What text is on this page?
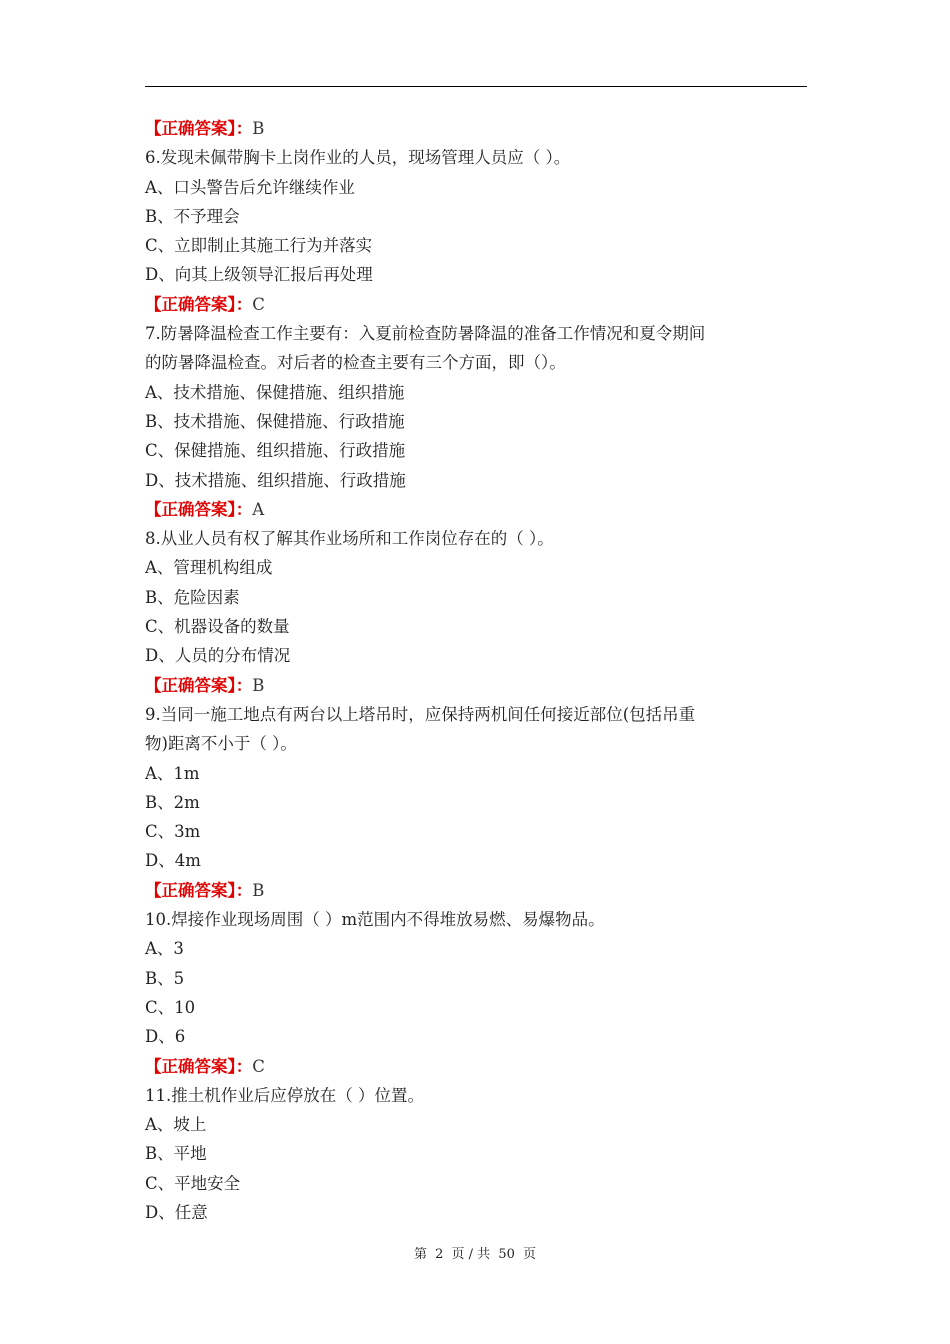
【正确答案】：B
6.发现未佩带胸卡上岗作业的人员，现场管理人员应（ ）。
A、口头警告后允许继续作业
B、不予理会
C、立即制止其施工行为并落实
D、向其上级领导汇报后再处理
【正确答案】：C
7.防暑降温检查工作主要有：入夏前检查防暑降温的准备工作情况和夏令期间
的防暑降温检查。对后者的检查主要有三个方面，即（）。
A、技术措施、保健措施、组织措施
B、技术措施、保健措施、行政措施
C、保健措施、组织措施、行政措施
D、技术措施、组织措施、行政措施
【正确答案】：A
8.从业人员有权了解其作业场所和工作岗位存在的（ ）。
A、管理机构组成
B、危险因素
C、机器设备的数量
D、人员的分布情况
【正确答案】：B
9.当同一施工地点有两台以上塔吊时，应保持两机间任何接近部位(包括吊重
物)距离不小于（ ）。
A、1m
B、2m
C、3m
D、4m
【正确答案】：B
10.焊接作业现场周围（ ）m范围内不得堆放易燃、易爆物品。
A、3
B、5
C、10
D、6
【正确答案】：C
11.推土机作业后应停放在（ ）位置。
A、坡上
B、平地
C、平地安全
D、任意
第 2 页 / 共 50 页
